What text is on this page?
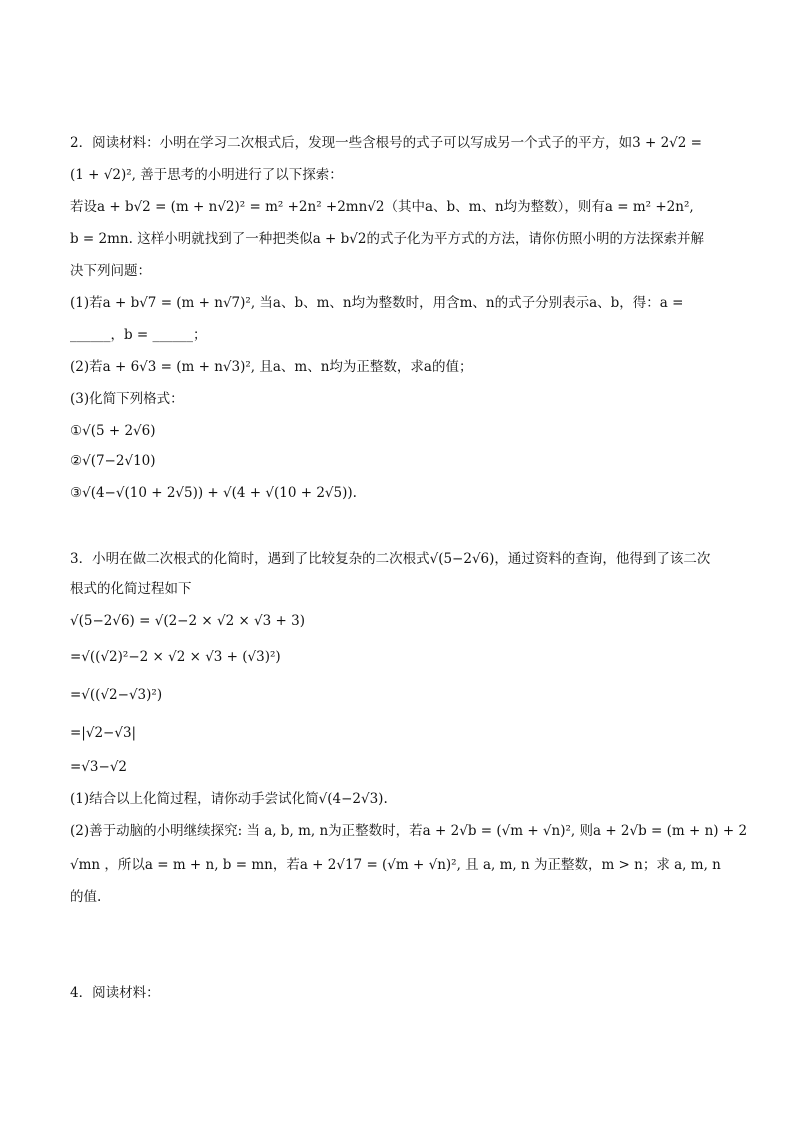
2．阅读材料：小明在学习二次根式后，发现一些含根号的式子可以写成另一个式子的平方，如3 + 2√2 =
(1 + √2)², 善于思考的小明进行了以下探索：
若设a + b√2 = (m + n√2)² = m² +2n² +2mn√2（其中a、b、m、n均为整数），则有a = m² +2n²,
b = 2mn. 这样小明就找到了一种把类似a + b√2的式子化为平方式的方法，请你仿照小明的方法探索并解
决下列问题：
(1)若a + b√7 = (m + n√7)², 当a、b、m、n均为整数时，用含m、n的式子分别表示a、b，得：a =
______，b = ______；
(2)若a + 6√3 = (m + n√3)², 且a、m、n均为正整数，求a的值；
(3)化简下列格式：
①√(5 + 2√6)
②√(7−2√10)
③√(4−√(10 + 2√5)) + √(4 + √(10 + 2√5)).
3．小明在做二次根式的化简时，遇到了比较复杂的二次根式√(5−2√6)，通过资料的查询，他得到了该二次
根式的化简过程如下
√(5−2√6) = √(2−2 × √2 × √3 + 3)
=√((√2)²−2 × √2 × √3 + (√3)²)
=√((√2−√3)²)
=|√2−√3|
=√3−√2
(1)结合以上化简过程，请你动手尝试化简√(4−2√3).
(2)善于动脑的小明继续探究: 当 a, b, m, n为正整数时，若a + 2√b = (√m + √n)², 则a + 2√b = (m + n) + 2
√mn ，所以a = m + n, b = mn，若a + 2√17 = (√m + √n)², 且 a, m, n 为正整数，m > n；求 a, m, n
的值.
4．阅读材料：
